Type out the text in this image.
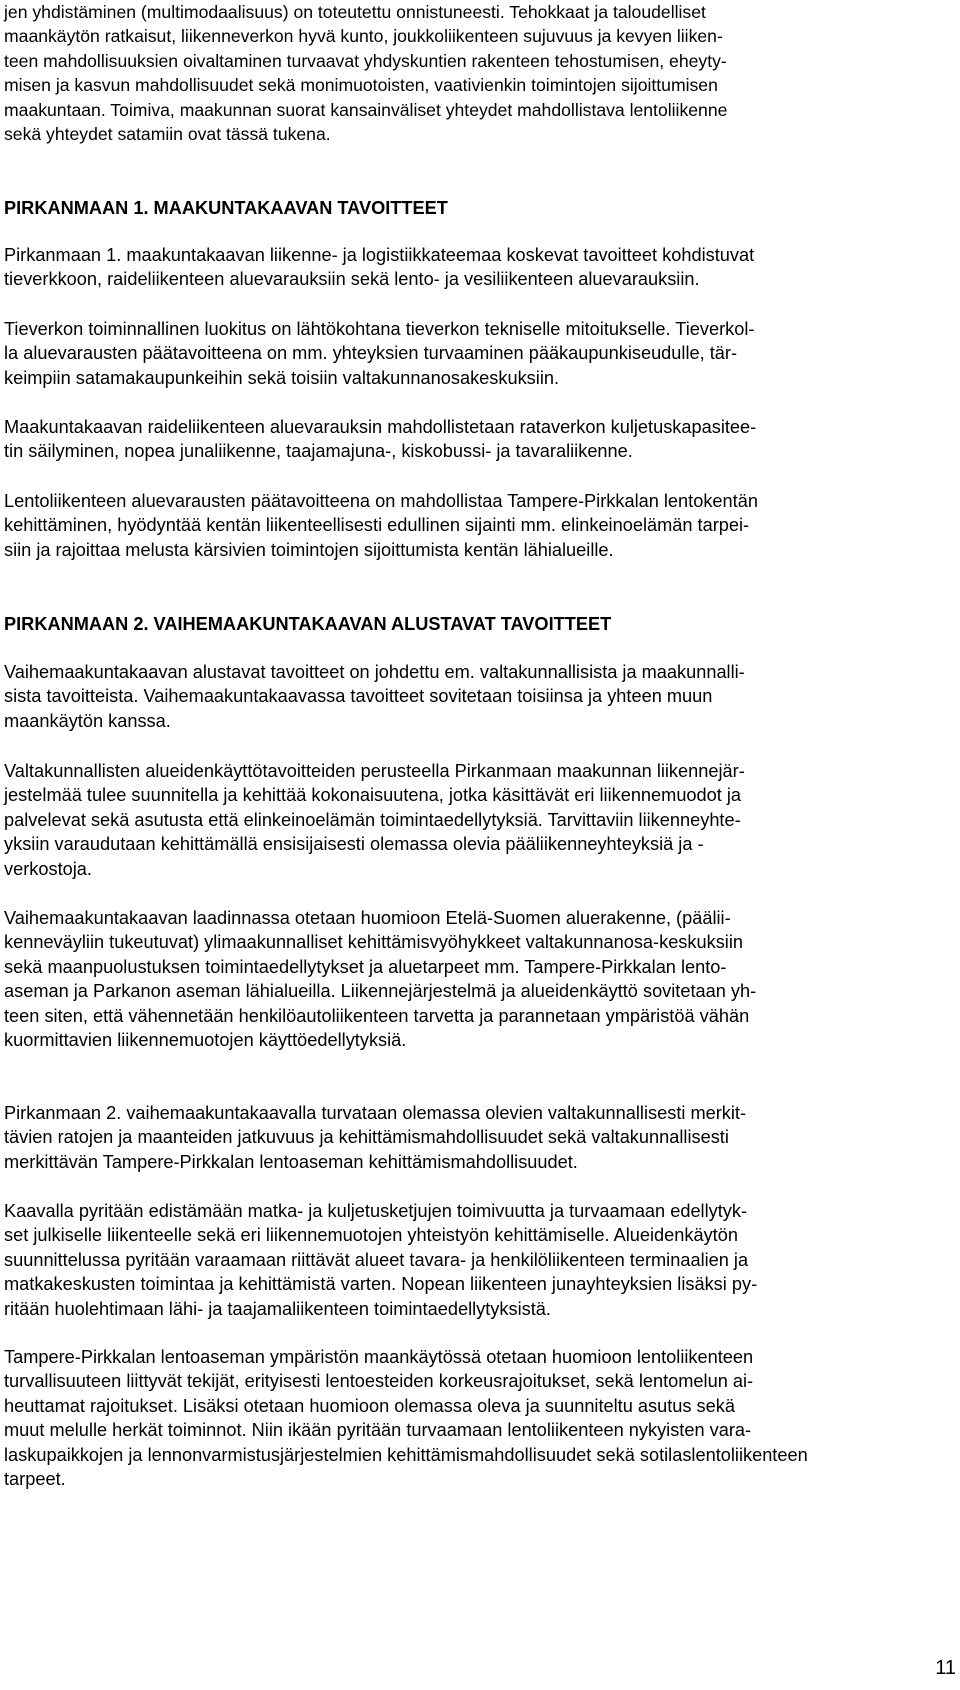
jen yhdistäminen (multimodaalisuus) on toteutettu onnistuneesti. Tehokkaat ja taloudelliset
maankäytön ratkaisut, liikenneverkon hyvä kunto, joukkoliikenteen sujuvuus ja kevyen liiken-
teen mahdollisuuksien oivaltaminen turvaavat yhdyskuntien rakenteen tehostumisen, eheyty-
misen ja kasvun mahdollisuudet sekä monimuotoisten, vaativienkin toimintojen sijoittumisen
maakuntaan. Toimiva, maakunnan suorat kansainväliset yhteydet mahdollistava lentoliikenne
sekä yhteydet satamiin ovat tässä tukena.
PIRKANMAAN 1. MAAKUNTAKAAVAN TAVOITTEET
Pirkanmaan 1. maakuntakaavan liikenne- ja logistiikkateemaa koskevat tavoitteet kohdistuvat
tieverkkoon, raideliikenteen aluevarauksiin sekä lento- ja vesiliikenteen aluevarauksiin.
Tieverkon toiminnallinen luokitus on lähtökohtana tieverkon tekniselle mitoitukselle. Tieverkol-
la aluevarausten päätavoitteena on mm. yhteyksien turvaaminen pääkaupunkiseudulle, tär-
keimpiin satamakaupunkeihin sekä toisiin valtakunnanosakeskuksiin.
Maakuntakaavan raideliikenteen aluevarauksin mahdollistetaan rataverkon kuljetuskapasitee-
tin säilyminen, nopea junaliikenne, taajamajuna-, kiskobussi- ja tavaraliikenne.
Lentoliikenteen aluevarausten päätavoitteena on mahdollistaa Tampere-Pirkkalan lentokentän
kehittäminen, hyödyntää kentän liikenteellisesti edullinen sijainti mm. elinkeinoelämän tarpei-
siin ja rajoittaa melusta kärsivien toimintojen sijoittumista kentän lähialueille.
PIRKANMAAN 2. VAIHEMAAKUNTAKAAVAN ALUSTAVAT TAVOITTEET
Vaihemaakuntakaavan alustavat tavoitteet on johdettu em. valtakunnallisista ja maakunnalli-
sista tavoitteista. Vaihemaakuntakaavassa tavoitteet sovitetaan toisiinsa ja yhteen muun
maankäytön kanssa.
Valtakunnallisten alueidenkäyttötavoitteiden perusteella Pirkanmaan maakunnan liikennejär-
jestelmää tulee suunnitella ja kehittää kokonaisuutena, jotka käsittävät eri liikennemuodot ja
palvelevat sekä asutusta että elinkeinoelämän toimintaedellytyksiä. Tarvittaviin liikenneyhte-
yksiin varaudutaan kehittämällä ensisijaisesti olemassa olevia pääliikenneyhteyksiä ja -
verkostoja.
Vaihemaakuntakaavan laadinnassa otetaan huomioon Etelä-Suomen aluerakenne, (päälii-
kenneväyliin tukeutuvat) ylimaakunnalliset kehittämisvyöhykkeet valtakunnanosa-keskuksiin
sekä maanpuolustuksen toimintaedellytykset ja aluetarpeet mm. Tampere-Pirkkalan lento-
aseman ja Parkanon aseman lähialueilla. Liikennejärjestelmä ja alueidenkäyttö sovitetaan yh-
teen siten, että vähennetään henkilöautoliikenteen tarvetta ja parannetaan ympäristöä vähän
kuormittavien liikennemuotojen käyttöedellytyksiä.
Pirkanmaan 2. vaihemaakuntakaavalla turvataan olemassa olevien valtakunnallisesti merkit-
tävien ratojen ja maanteiden jatkuvuus ja kehittämismahdollisuudet sekä valtakunnallisesti
merkittävän Tampere-Pirkkalan lentoaseman kehittämismahdollisuudet.
Kaavalla pyritään edistämään matka- ja kuljetusketjujen toimivuutta ja turvaamaan edellytyk-
set julkiselle liikenteelle sekä eri liikennemuotojen yhteistyön kehittämiselle. Alueidenkäytön
suunnittelussa pyritään varaamaan riittävät alueet tavara- ja henkilöliikenteen terminaalien ja
matkakeskusten toimintaa ja kehittämistä varten. Nopean liikenteen junayhteyksien lisäksi py-
ritään huolehtimaan lähi- ja taajamaliikenteen toimintaedellytyksistä.
Tampere-Pirkkalan lentoaseman ympäristön maankäytössä otetaan huomioon lentoliikenteen
turvallisuuteen liittyvät tekijät, erityisesti lentoesteiden korkeusrajoitukset, sekä lentomelun ai-
heuttamat rajoitukset. Lisäksi otetaan huomioon olemassa oleva ja suunniteltu asutus sekä
muut melulle herkät toiminnot. Niin ikään pyritään turvaamaan lentoliikenteen nykyisten vara-
laskupaikkojen ja lennonvarmistusjärjestelmien kehittämismahdollisuudet sekä sotilaslentoliikenteen
tarpeet.
11
